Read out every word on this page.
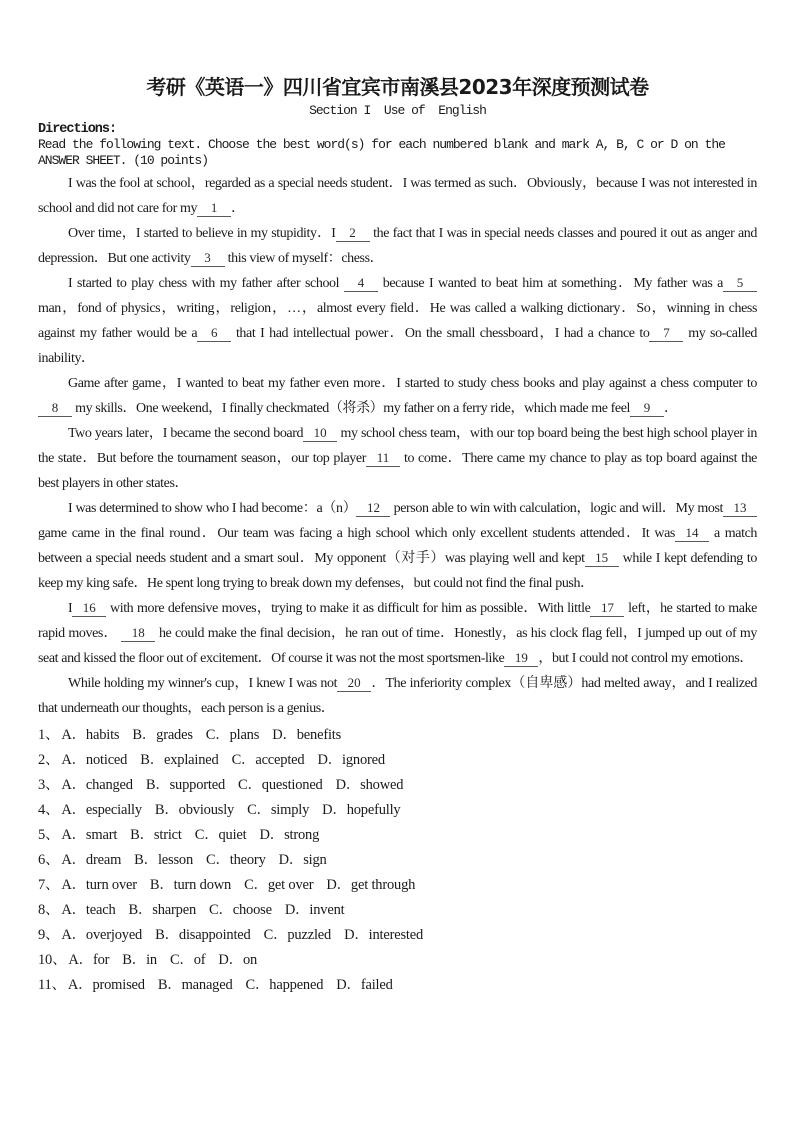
考研《英语一》四川省宜宾市南溪县2023年深度预测试卷
Section I  Use of  English
Directions:
Read the following text. Choose the best word(s) for each numbered blank and mark A, B, C or D on the
ANSWER SHEET. (10 points)

I was the fool at school，regarded as a special needs student．I was termed as such．Obviously，because I was not interested in school and did not care for my 1 ．

Over time，I started to believe in my stupidity．I 2 the fact that I was in special needs classes and poured it out as anger and depression．But one activity 3 this view of myself：chess．

I started to play chess with my father after school 4 because I wanted to beat him at something．My father was a 5 man，fond of physics，writing，religion，…，almost every field．He was called a walking dictionary．So，winning in chess against my father would be a 6 that I had intellectual power．On the small chessboard，I had a chance to 7 my so-called inability．

Game after game，I wanted to beat my father even more．I started to study chess books and play against a chess computer to8 my skills．One weekend，I finally checkmated（将杀）my father on a ferry ride，which made me feel 9 ．

Two years later，I became the second board 10 my school chess team，with our top board being the best high school player in the state．But before the tournament season，our top player 11 to come．There came my chance to play as top board against the best players in other states．

I was determined to show who I had become：a（n） 12 person able to win with calculation，logic and will．My most 13 game came in the final round．Our team was facing a high school which only excellent students attended．It was 14 a match between a special needs student and a smart soul．My opponent（对手）was playing well and kept 15 while I kept defending to keep my king safe．He spent long trying to break down my defenses，but could not find the final push．

I 16 with more defensive moves，trying to make it as difficult for him as possible．With little 17 left，he started to make rapid moves． 18 he could make the final decision，he ran out of time．Honestly，as his clock flag fell，I jumped up out of my seat and kissed the floor out of excitement．Of course it was not the most sportsmen-like 19 ，but I could not control my emotions．

While holding my winner's cup，I knew I was not 20 ．The inferiority complex（自卑感）had melted away，and I realized that underneath our thoughts，each person is a genius．

1、 A．habits B．grades C．plans D．benefits
2、 A．noticed B．explained C．accepted D．ignored
3、 A．changed B．supported C．questioned D．showed
4、 A．especially B．obviously C．simply D．hopefully
5、 A．smart B．strict C．quiet D．strong
6、 A．dream B．lesson C．theory D．sign
7、 A．turn over B．turn down C．get over D．get through
8、 A．teach B．sharpen C．choose D．invent
9、 A．overjoyed B．disappointed C．puzzled D．interested
10、 A．for B．in C．of D．on
11、 A．promised B．managed C．happened D．failed
